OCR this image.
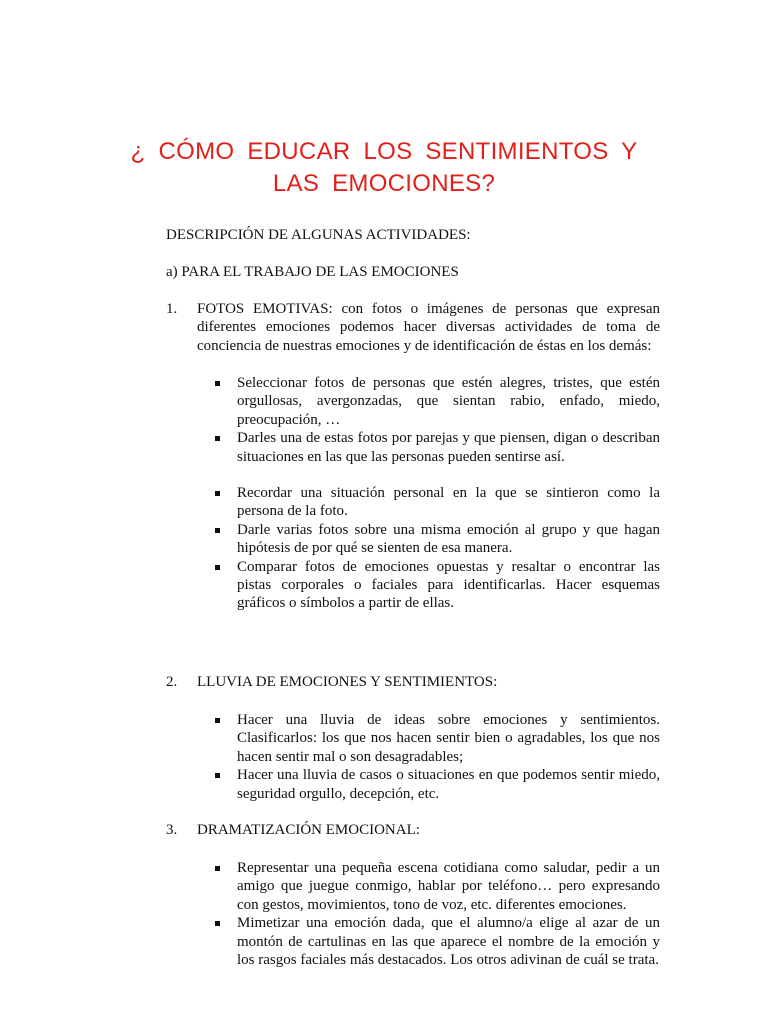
¿ CÓMO EDUCAR LOS SENTIMIENTOS Y
LAS EMOCIONES?
DESCRIPCIÓN DE ALGUNAS ACTIVIDADES:
a) PARA EL TRABAJO DE LAS EMOCIONES
1.	FOTOS EMOTIVAS: con fotos o imágenes de personas que expresan diferentes emociones podemos hacer diversas actividades de toma de conciencia de nuestras emociones y de identificación de éstas en los demás:
Seleccionar fotos de personas que estén alegres, tristes, que estén orgullosas, avergonzadas, que sientan rabio, enfado, miedo, preocupación, …
Darles una de estas fotos por parejas y que piensen, digan o describan situaciones en las que las personas pueden sentirse así.
Recordar una situación personal en la que se sintieron como la persona de la foto.
Darle varias fotos sobre una misma emoción al grupo y que hagan hipótesis de por qué se sienten de esa manera.
Comparar fotos de emociones opuestas y resaltar o encontrar las pistas corporales o faciales para identificarlas. Hacer esquemas gráficos o símbolos a partir de ellas.
2.	LLUVIA DE EMOCIONES Y SENTIMIENTOS:
Hacer una lluvia de ideas sobre emociones y sentimientos. Clasificarlos: los que nos hacen sentir bien o agradables, los que nos hacen sentir mal o son desagradables;
Hacer una lluvia de casos o situaciones en que podemos sentir miedo, seguridad orgullo, decepción, etc.
3.	DRAMATIZACIÓN EMOCIONAL:
Representar una pequeña escena cotidiana como saludar, pedir a un amigo que juegue conmigo, hablar por teléfono… pero expresando con gestos, movimientos, tono de voz, etc. diferentes emociones.
Mimetizar una emoción dada, que el alumno/a elige al azar de un montón de cartulinas en las que aparece el nombre de la emoción y los rasgos faciales más destacados. Los otros adivinan de cuál se trata.
